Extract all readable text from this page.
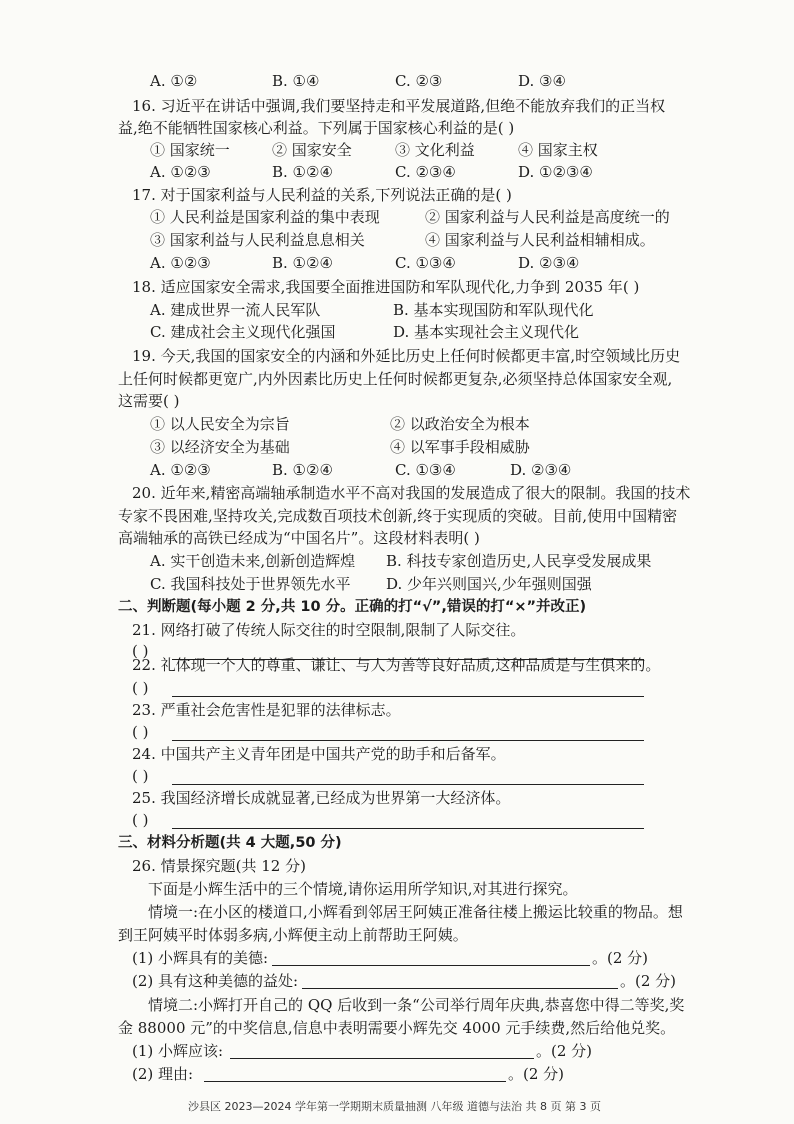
A. ①②	B. ①④	C. ②③	D. ③④
16. 习近平在讲话中强调,我们要坚持走和平发展道路,但绝不能放弃我们的正当权
益,绝不能牺牲国家核心利益。下列属于国家核心利益的是( )
① 国家统一	② 国家安全	③ 文化利益	④ 国家主权
A. ①②③	B. ①②④	C. ②③④	D. ①②③④
17. 对于国家利益与人民利益的关系,下列说法正确的是( )
① 人民利益是国家利益的集中表现	② 国家利益与人民利益是高度统一的
③ 国家利益与人民利益息息相关	④ 国家利益与人民利益相辅相成。
A. ①②③	B. ①②④	C. ①③④	D. ②③④
18. 适应国家安全需求,我国要全面推进国防和军队现代化,力争到 2035 年( )
A. 建成世界一流人民军队	B. 基本实现国防和军队现代化
C. 建成社会主义现代化强国	D. 基本实现社会主义现代化
19. 今天,我国的国家安全的内涵和外延比历史上任何时候都更丰富,时空领域比历史
上任何时候都更宽广,内外因素比历史上任何时候都更复杂,必须坚持总体国家安全观,
这需要( )
① 以人民安全为宗旨	② 以政治安全为根本
③ 以经济安全为基础	④ 以军事手段相威胁
A. ①②③	B. ①②④	C. ①③④	D. ②③④
20. 近年来,精密高端轴承制造水平不高对我国的发展造成了很大的限制。我国的技术
专家不畏困难,坚持攻关,完成数百项技术创新,终于实现质的突破。目前,使用中国精密
高端轴承的高铁已经成为“中国名片”。这段材料表明( )
A. 实干创造未来,创新创造辉煌 B. 科技专家创造历史,人民享受发展成果
C. 我国科技处于世界领先水平 D. 少年兴则国兴,少年强则国强
二、判断题(每小题 2 分,共 10 分。正确的打“√”,错误的打“×”并改正)
21. 网络打破了传统人际交往的时空限制,限制了人际交往。
( )
22. 礼体现一个人的尊重、谦让、与人为善等良好品质,这种品质是与生俱来的。
( )
23. 严重社会危害性是犯罪的法律标志。
( )
24. 中国共产主义青年团是中国共产党的助手和后备军。
( )
25. 我国经济增长成就显著,已经成为世界第一大经济体。
( )
三、材料分析题(共 4 大题,50 分)
26. 情景探究题(共 12 分)
下面是小辉生活中的三个情境,请你运用所学知识,对其进行探究。
情境一:在小区的楼道口,小辉看到邻居王阿姨正准备往楼上搬运比较重的物品。想
到王阿姨平时体弱多病,小辉便主动上前帮助王阿姨。
(1) 小辉具有的美德:	。(2 分)
(2) 具有这种美德的益处:	。(2 分)
情境二:小辉打开自己的 QQ 后收到一条“公司举行周年庆典,恭喜您中得二等奖,奖
金 88000 元”的中奖信息,信息中表明需要小辉先交 4000 元手续费,然后给他兑奖。
(1) 小辉应该:	。(2 分)
(2) 理由:	。(2 分)
沙县区 2023—2024 学年第一学期期末质量抽测 八年级 道德与法治 共 8 页 第 3 页
